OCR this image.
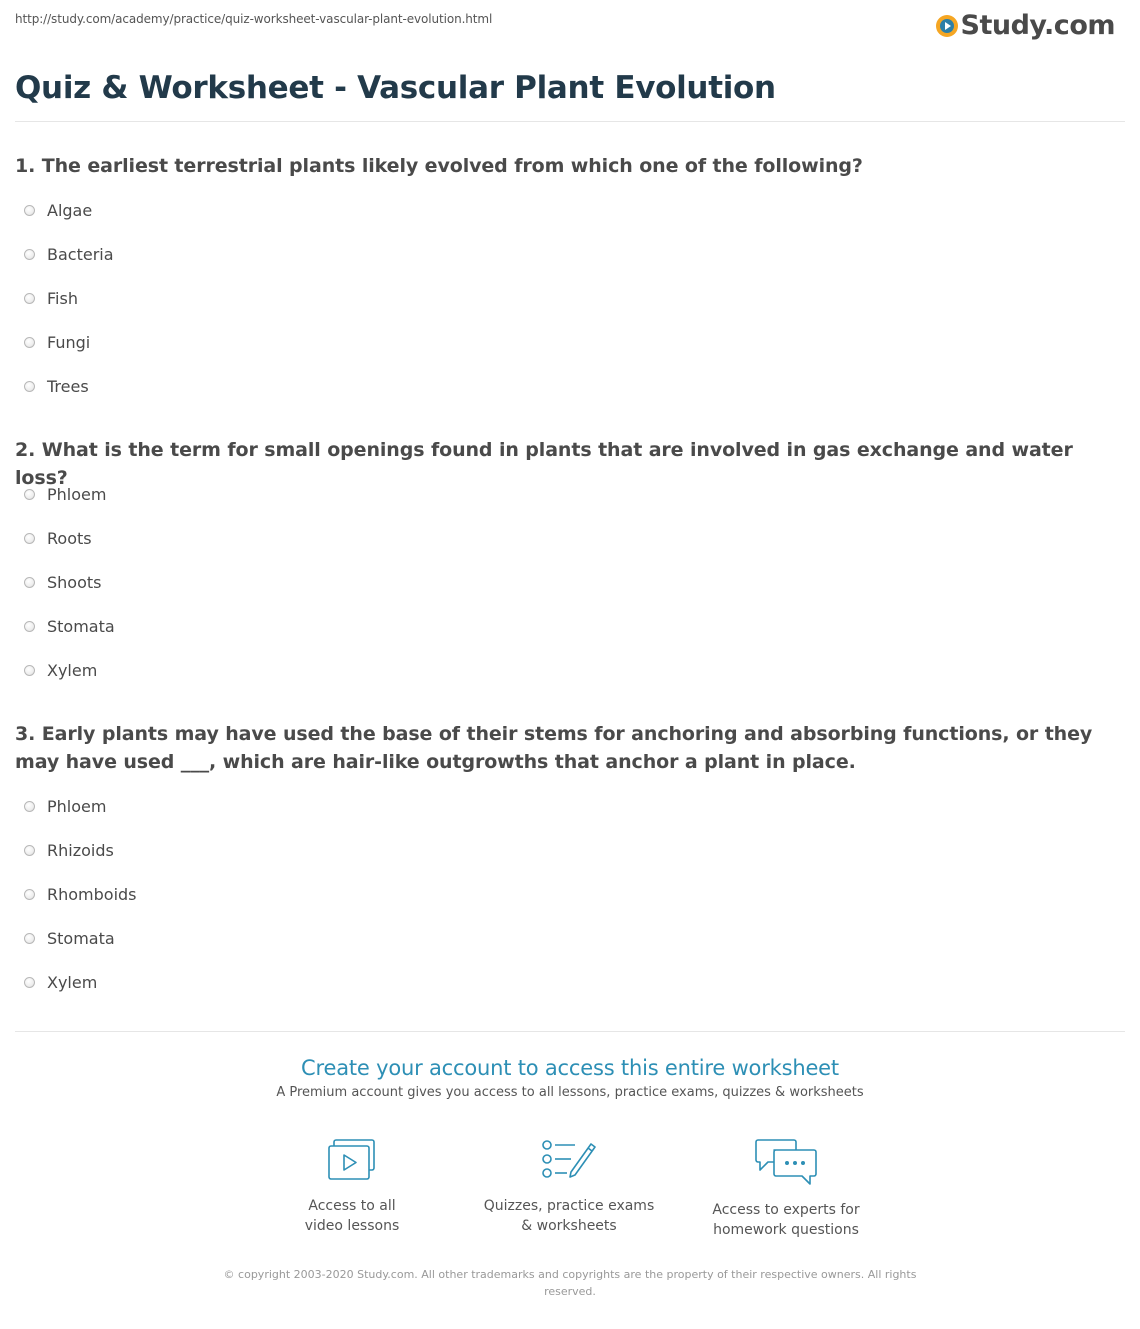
http://study.com/academy/practice/quiz-worksheet-vascular-plant-evolution.html	Study.com
Quiz & Worksheet - Vascular Plant Evolution
1. The earliest terrestrial plants likely evolved from which one of the following?
Algae
Bacteria
Fish
Fungi
Trees
2. What is the term for small openings found in plants that are involved in gas exchange and water loss?
Phloem
Roots
Shoots
Stomata
Xylem
3. Early plants may have used the base of their stems for anchoring and absorbing functions, or they may have used ___, which are hair-like outgrowths that anchor a plant in place.
Phloem
Rhizoids
Rhomboids
Stomata
Xylem
Create your account to access this entire worksheet
A Premium account gives you access to all lessons, practice exams, quizzes & worksheets
Access to all
video lessons
Quizzes, practice exams
& worksheets
Access to experts for
homework questions
© copyright 2003-2020 Study.com. All other trademarks and copyrights are the property of their respective owners. All rights reserved.
